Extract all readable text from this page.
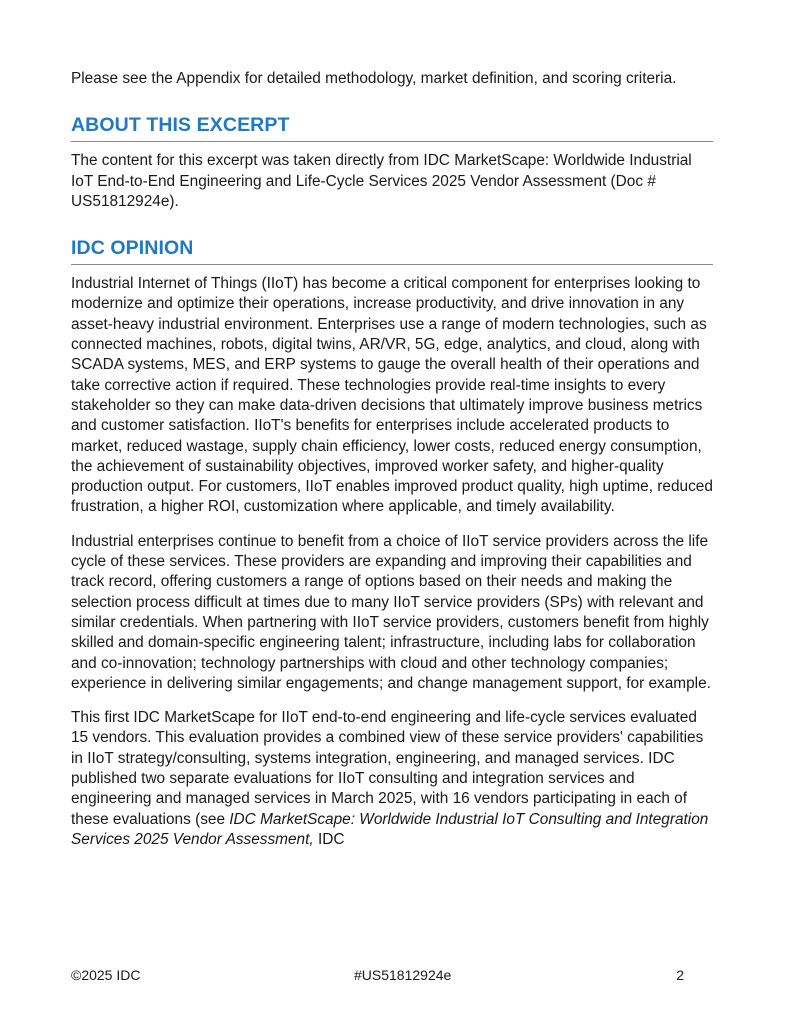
Please see the Appendix for detailed methodology, market definition, and scoring criteria.

ABOUT THIS EXCERPT

The content for this excerpt was taken directly from IDC MarketScape: Worldwide Industrial IoT End-to-End Engineering and Life-Cycle Services 2025 Vendor Assessment (Doc # US51812924e).

IDC OPINION

Industrial Internet of Things (IIoT) has become a critical component for enterprises looking to modernize and optimize their operations, increase productivity, and drive innovation in any asset-heavy industrial environment. Enterprises use a range of modern technologies, such as connected machines, robots, digital twins, AR/VR, 5G, edge, analytics, and cloud, along with SCADA systems, MES, and ERP systems to gauge the overall health of their operations and take corrective action if required. These technologies provide real-time insights to every stakeholder so they can make data-driven decisions that ultimately improve business metrics and customer satisfaction. IIoT's benefits for enterprises include accelerated products to market, reduced wastage, supply chain efficiency, lower costs, reduced energy consumption, the achievement of sustainability objectives, improved worker safety, and higher-quality production output. For customers, IIoT enables improved product quality, high uptime, reduced frustration, a higher ROI, customization where applicable, and timely availability.

Industrial enterprises continue to benefit from a choice of IIoT service providers across the life cycle of these services. These providers are expanding and improving their capabilities and track record, offering customers a range of options based on their needs and making the selection process difficult at times due to many IIoT service providers (SPs) with relevant and similar credentials. When partnering with IIoT service providers, customers benefit from highly skilled and domain-specific engineering talent; infrastructure, including labs for collaboration and co-innovation; technology partnerships with cloud and other technology companies; experience in delivering similar engagements; and change management support, for example.

This first IDC MarketScape for IIoT end-to-end engineering and life-cycle services evaluated 15 vendors. This evaluation provides a combined view of these service providers' capabilities in IIoT strategy/consulting, systems integration, engineering, and managed services. IDC published two separate evaluations for IIoT consulting and integration services and engineering and managed services in March 2025, with 16 vendors participating in each of these evaluations (see IDC MarketScape: Worldwide Industrial IoT Consulting and Integration Services 2025 Vendor Assessment, IDC

©2025 IDC	#US51812924e	2
